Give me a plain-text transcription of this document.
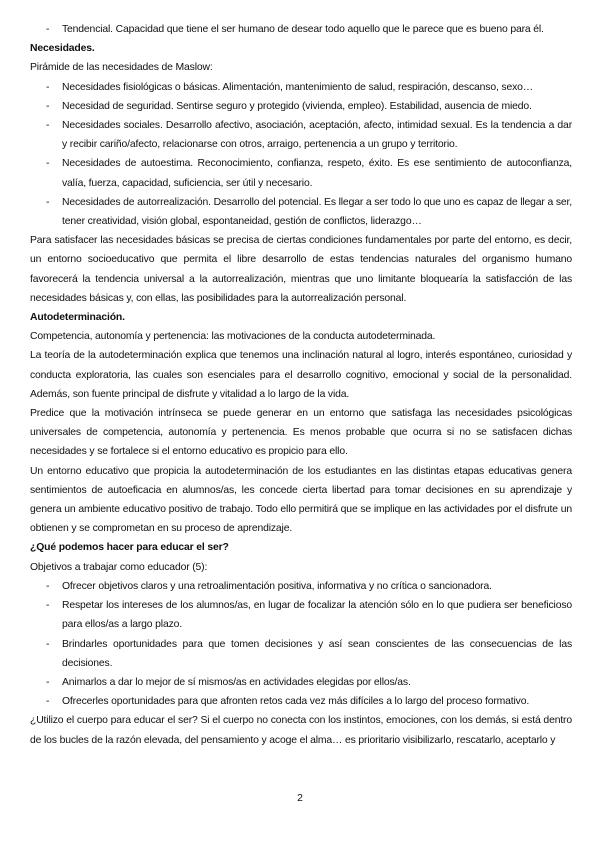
- Tendencial. Capacidad que tiene el ser humano de desear todo aquello que le parece que es bueno para él.

Necesidades.

Pirámide de las necesidades de Maslow:

- Necesidades fisiológicas o básicas. Alimentación, mantenimiento de salud, respiración, descanso, sexo…
- Necesidad de seguridad. Sentirse seguro y protegido (vivienda, empleo). Estabilidad, ausencia de miedo.
- Necesidades sociales. Desarrollo afectivo, asociación, aceptación, afecto, intimidad sexual. Es la tendencia a dar y recibir cariño/afecto, relacionarse con otros, arraigo, pertenencia a un grupo y territorio.
- Necesidades de autoestima. Reconocimiento, confianza, respeto, éxito. Es ese sentimiento de autoconfianza, valía, fuerza, capacidad, suficiencia, ser útil y necesario.
- Necesidades de autorrealización. Desarrollo del potencial. Es llegar a ser todo lo que uno es capaz de llegar a ser, tener creatividad, visión global, espontaneidad, gestión de conflictos, liderazgo…

Para satisfacer las necesidades básicas se precisa de ciertas condiciones fundamentales por parte del entorno, es decir, un entorno socioeducativo que permita el libre desarrollo de estas tendencias naturales del organismo humano favorecerá la tendencia universal a la autorrealización, mientras que uno limitante bloquearía la satisfacción de las necesidades básicas y, con ellas, las posibilidades para la autorrealización personal.

Autodeterminación.

Competencia, autonomía y pertenencia: las motivaciones de la conducta autodeterminada.

La teoría de la autodeterminación explica que tenemos una inclinación natural al logro, interés espontáneo, curiosidad y conducta exploratoria, las cuales son esenciales para el desarrollo cognitivo, emocional y social de la personalidad. Además, son fuente principal de disfrute y vitalidad a lo largo de la vida.

Predice que la motivación intrínseca se puede generar en un entorno que satisfaga las necesidades psicológicas universales de competencia, autonomía y pertenencia. Es menos probable que ocurra si no se satisfacen dichas necesidades y se fortalece si el entorno educativo es propicio para ello.

Un entorno educativo que propicia la autodeterminación de los estudiantes en las distintas etapas educativas genera sentimientos de autoeficacia en alumnos/as, les concede cierta libertad para tomar decisiones en su aprendizaje y genera un ambiente educativo positivo de trabajo. Todo ello permitirá que se implique en las actividades por el disfrute un obtienen y se comprometan en su proceso de aprendizaje.

¿Qué podemos hacer para educar el ser?

Objetivos a trabajar como educador (5):

- Ofrecer objetivos claros y una retroalimentación positiva, informativa y no crítica o sancionadora.
- Respetar los intereses de los alumnos/as, en lugar de focalizar la atención sólo en lo que pudiera ser beneficioso para ellos/as a largo plazo.
- Brindarles oportunidades para que tomen decisiones y así sean conscientes de las consecuencias de las decisiones.
- Animarlos a dar lo mejor de sí mismos/as en actividades elegidas por ellos/as.
- Ofrecerles oportunidades para que afronten retos cada vez más difíciles a lo largo del proceso formativo.

¿Utilizo el cuerpo para educar el ser? Si el cuerpo no conecta con los instintos, emociones, con los demás, si está dentro de los bucles de la razón elevada, del pensamiento y acoge el alma… es prioritario visibilizarlo, rescatarlo, aceptarlo y

2
